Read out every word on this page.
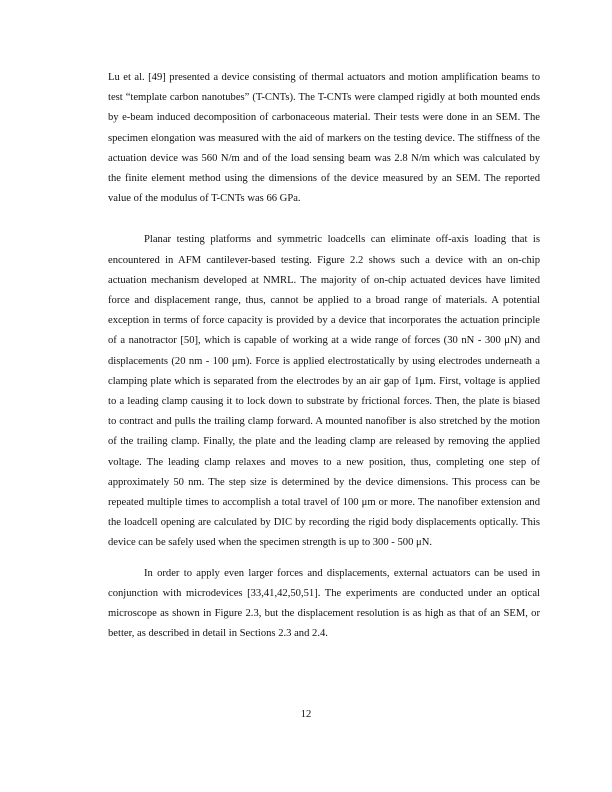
Lu et al. [49] presented a device consisting of thermal actuators and motion amplification beams to test “template carbon nanotubes” (T-CNTs). The T-CNTs were clamped rigidly at both mounted ends by e-beam induced decomposition of carbonaceous material. Their tests were done in an SEM. The specimen elongation was measured with the aid of markers on the testing device. The stiffness of the actuation device was 560 N/m and of the load sensing beam was 2.8 N/m which was calculated by the finite element method using the dimensions of the device measured by an SEM. The reported value of the modulus of T-CNTs was 66 GPa.

Planar testing platforms and symmetric loadcells can eliminate off-axis loading that is encountered in AFM cantilever-based testing. Figure 2.2 shows such a device with an on-chip actuation mechanism developed at NMRL. The majority of on-chip actuated devices have limited force and displacement range, thus, cannot be applied to a broad range of materials. A potential exception in terms of force capacity is provided by a device that incorporates the actuation principle of a nanotractor [50], which is capable of working at a wide range of forces (30 nN - 300 μN) and displacements (20 nm - 100 μm). Force is applied electrostatically by using electrodes underneath a clamping plate which is separated from the electrodes by an air gap of 1μm. First, voltage is applied to a leading clamp causing it to lock down to substrate by frictional forces. Then, the plate is biased to contract and pulls the trailing clamp forward. A mounted nanofiber is also stretched by the motion of the trailing clamp. Finally, the plate and the leading clamp are released by removing the applied voltage. The leading clamp relaxes and moves to a new position, thus, completing one step of approximately 50 nm. The step size is determined by the device dimensions. This process can be repeated multiple times to accomplish a total travel of 100 μm or more. The nanofiber extension and the loadcell opening are calculated by DIC by recording the rigid body displacements optically. This device can be safely used when the specimen strength is up to 300 - 500 μN.

In order to apply even larger forces and displacements, external actuators can be used in conjunction with microdevices [33,41,42,50,51]. The experiments are conducted under an optical microscope as shown in Figure 2.3, but the displacement resolution is as high as that of an SEM, or better, as described in detail in Sections 2.3 and 2.4.

12
